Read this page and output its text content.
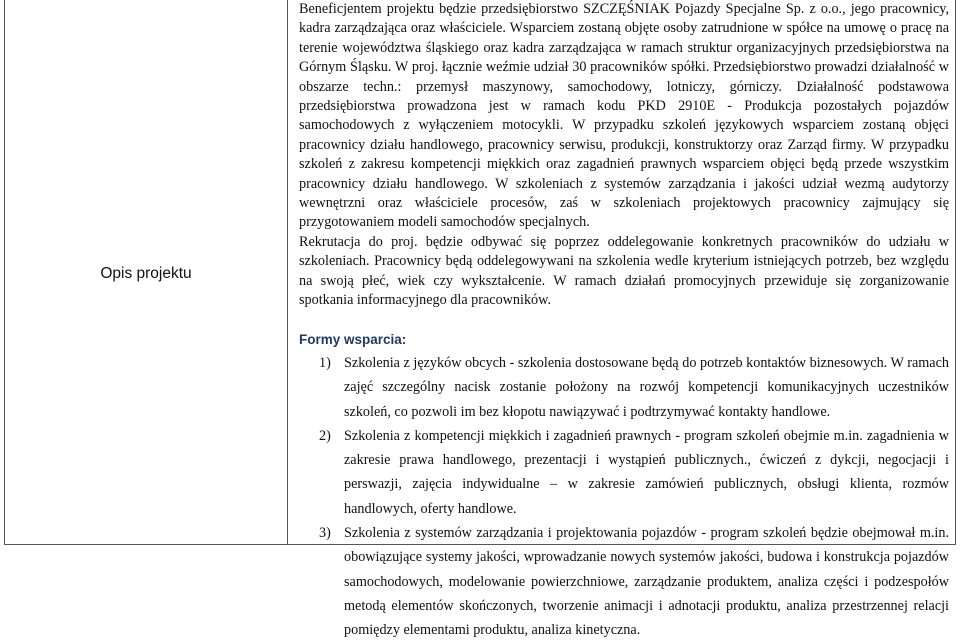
Opis projektu

Beneficjentem projektu będzie przedsiębiorstwo SZCZĘŚNIAK Pojazdy Specjalne Sp. z o.o., jego pracownicy, kadra zarządzająca oraz właściciele. Wsparciem zostaną objęte osoby zatrudnione w spółce na umowę o pracę na terenie województwa śląskiego oraz kadra zarządzająca w ramach struktur organizacyjnych przedsiębiorstwa na Górnym Śląsku. W proj. łącznie weźmie udział 30 pracowników spółki. Przedsiębiorstwo prowadzi działalność w obszarze techn.: przemysł maszynowy, samochodowy, lotniczy, górniczy. Działalność podstawowa przedsiębiorstwa prowadzona jest w ramach kodu PKD 2910E - Produkcja pozostałych pojazdów samochodowych z wyłączeniem motocykli. W przypadku szkoleń językowych wsparciem zostaną objęci pracownicy działu handlowego, pracownicy serwisu, produkcji, konstruktorzy oraz Zarząd firmy. W przypadku szkoleń z zakresu kompetencji miękkich oraz zagadnień prawnych wsparciem objęci będą przede wszystkim pracownicy działu handlowego. W szkoleniach z systemów zarządzania i jakości udział wezmą audytorzy wewnętrzni oraz właściciele procesów, zaś w szkoleniach projektowych pracownicy zajmujący się przygotowaniem modeli samochodów specjalnych.

Rekrutacja do proj. będzie odbywać się poprzez oddelegowanie konkretnych pracowników do udziału w szkoleniach. Pracownicy będą oddelegowywani na szkolenia wedle kryterium istniejących potrzeb, bez względu na swoją płeć, wiek czy wykształcenie. W ramach działań promocyjnych przewiduje się zorganizowanie spotkania informacyjnego dla pracowników.

Formy wsparcia:

1) Szkolenia z języków obcych - szkolenia dostosowane będą do potrzeb kontaktów biznesowych. W ramach zajęć szczególny nacisk zostanie położony na rozwój kompetencji komunikacyjnych uczestników szkoleń, co pozwoli im bez kłopotu nawiązywać i podtrzymywać kontakty handlowe.
2) Szkolenia z kompetencji miękkich i zagadnień prawnych - program szkoleń obejmie m.in. zagadnienia w zakresie prawa handlowego, prezentacji i wystąpień publicznych., ćwiczeń z dykcji, negocjacji i perswazji, zajęcia indywidualne – w zakresie zamówień publicznych, obsługi klienta, rozmów handlowych, oferty handlowe.
3) Szkolenia z systemów zarządzania i projektowania pojazdów - program szkoleń będzie obejmował m.in. obowiązujące systemy jakości, wprowadzanie nowych systemów jakości, budowa i konstrukcja pojazdów samochodowych, modelowanie powierzchniowe, zarządzanie produktem, analiza części i podzespołów metodą elementów skończonych, tworzenie animacji i adnotacji produktu, analiza przestrzennej relacji pomiędzy elementami produktu, analiza kinetyczna.
